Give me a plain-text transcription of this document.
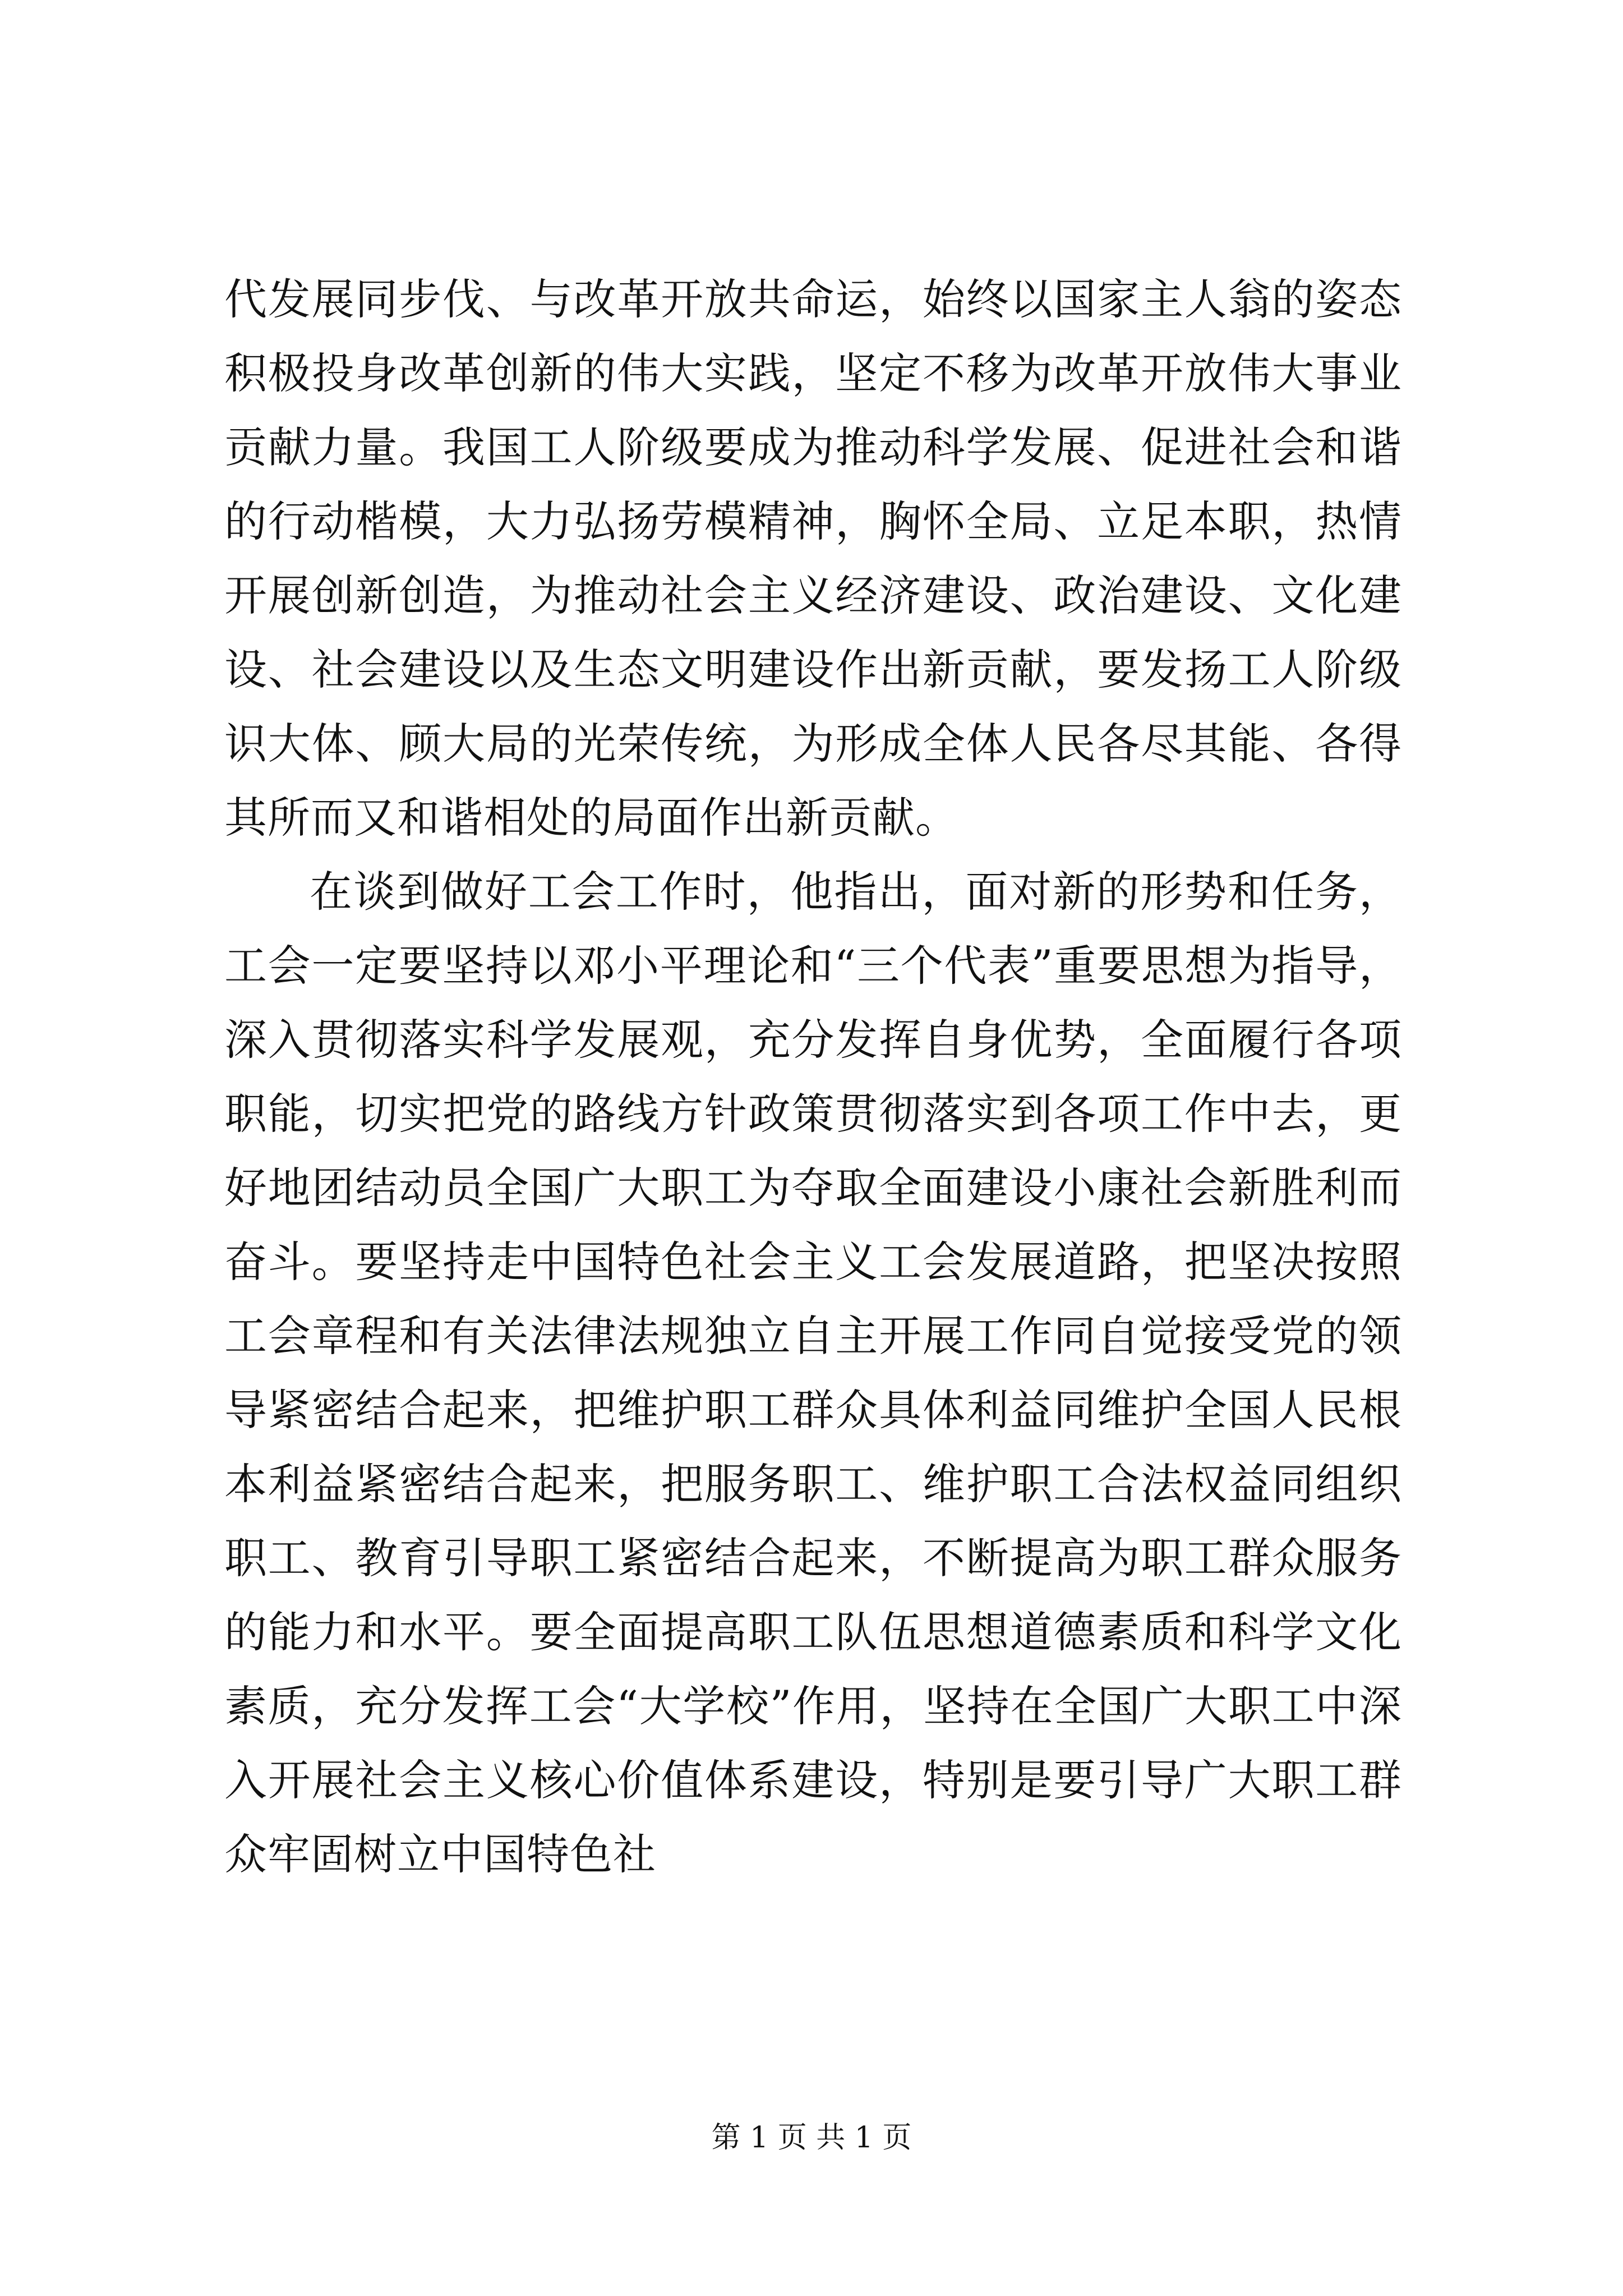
代发展同步伐、与改革开放共命运，始终以国家主人翁的姿态积极投身改革创新的伟大实践，坚定不移为改革开放伟大事业贡献力量。我国工人阶级要成为推动科学发展、促进社会和谐的行动楷模，大力弘扬劳模精神，胸怀全局、立足本职，热情开展创新创造，为推动社会主义经济建设、政治建设、文化建设、社会建设以及生态文明建设作出新贡献，要发扬工人阶级识大体、顾大局的光荣传统，为形成全体人民各尽其能、各得其所而又和谐相处的局面作出新贡献。

在谈到做好工会工作时，他指出，面对新的形势和任务，工会一定要坚持以邓小平理论和“三个代表”重要思想为指导，深入贯彻落实科学发展观，充分发挥自身优势，全面履行各项职能，切实把党的路线方针政策贯彻落实到各项工作中去，更好地团结动员全国广大职工为夺取全面建设小康社会新胜利而奋斗。要坚持走中国特色社会主义工会发展道路，把坚决按照工会章程和有关法律法规独立自主开展工作同自觉接受党的领导紧密结合起来，把维护职工群众具体利益同维护全国人民根本利益紧密结合起来，把服务职工、维护职工合法权益同组织职工、教育引导职工紧密结合起来，不断提高为职工群众服务的能力和水平。要全面提高职工队伍思想道德素质和科学文化素质，充分发挥工会“大学校”作用，坚持在全国广大职工中深入开展社会主义核心价值体系建设，特别是要引导广大职工群众牢固树立中国特色社

第 1 页 共 1 页
